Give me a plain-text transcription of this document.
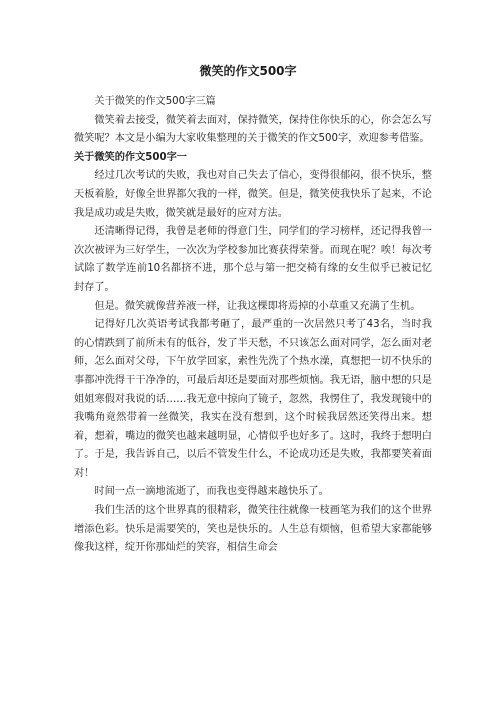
微笑的作文500字

关于微笑的作文500字三篇

微笑着去接受，微笑着去面对，保持微笑，保持住你快乐的心，你会怎么写微笑呢？本文是小编为大家收集整理的关于微笑的作文500字，欢迎参考借鉴。

关于微笑的作文500字一

经过几次考试的失败，我也对自己失去了信心，变得很郁闷，很不快乐，整天板着脸，好像全世界都欠我的一样，微笑。但是，微笑使我快乐了起来，不论我是成功或是失败，微笑就是最好的应对方法。

还清晰得记得，我曾是老师的得意门生，同学们的学习榜样，还记得我曾一次次被评为三好学生，一次次为学校参加比赛获得荣誉。而现在呢？唉！每次考试除了数学连前10名都挤不进，那个总与第一把交椅有缘的女生似乎已被记忆封存了。

但是。微笑就像营养液一样，让我这棵即将焉掉的小草重又充满了生机。

记得好几次英语考试我都考砸了，最严重的一次居然只考了43名，当时我的心情跌到了前所未有的低谷，发了半天愁，不只该怎么面对同学，怎么面对老师，怎么面对父母，下午放学回家，索性先洗了个热水澡，真想把一切不快乐的事都冲洗得干干净净的，可最后却还是要面对那些烦恼。我无语，脑中想的只是姐姐寒假对我说的话……我无意中掠向了镜子，忽然，我愣住了，我发现镜中的我嘴角竟然带着一丝微笑，我实在没有想到，这个时候我居然还笑得出来。想着，想着，嘴边的微笑也越来越明显，心情似乎也好多了。这时，我终于想明白了。于是，我告诉自己，以后不管发生什么，不论成功还是失败，我都要笑着面对！

时间一点一滴地流逝了，而我也变得越来越快乐了。

我们生活的这个世界真的很精彩，微笑往往就像一枝画笔为我们的这个世界增添色彩。快乐是需要笑的，笑也是快乐的。人生总有烦恼，但希望大家都能够像我这样，绽开你那灿烂的笑容，相信生命会
